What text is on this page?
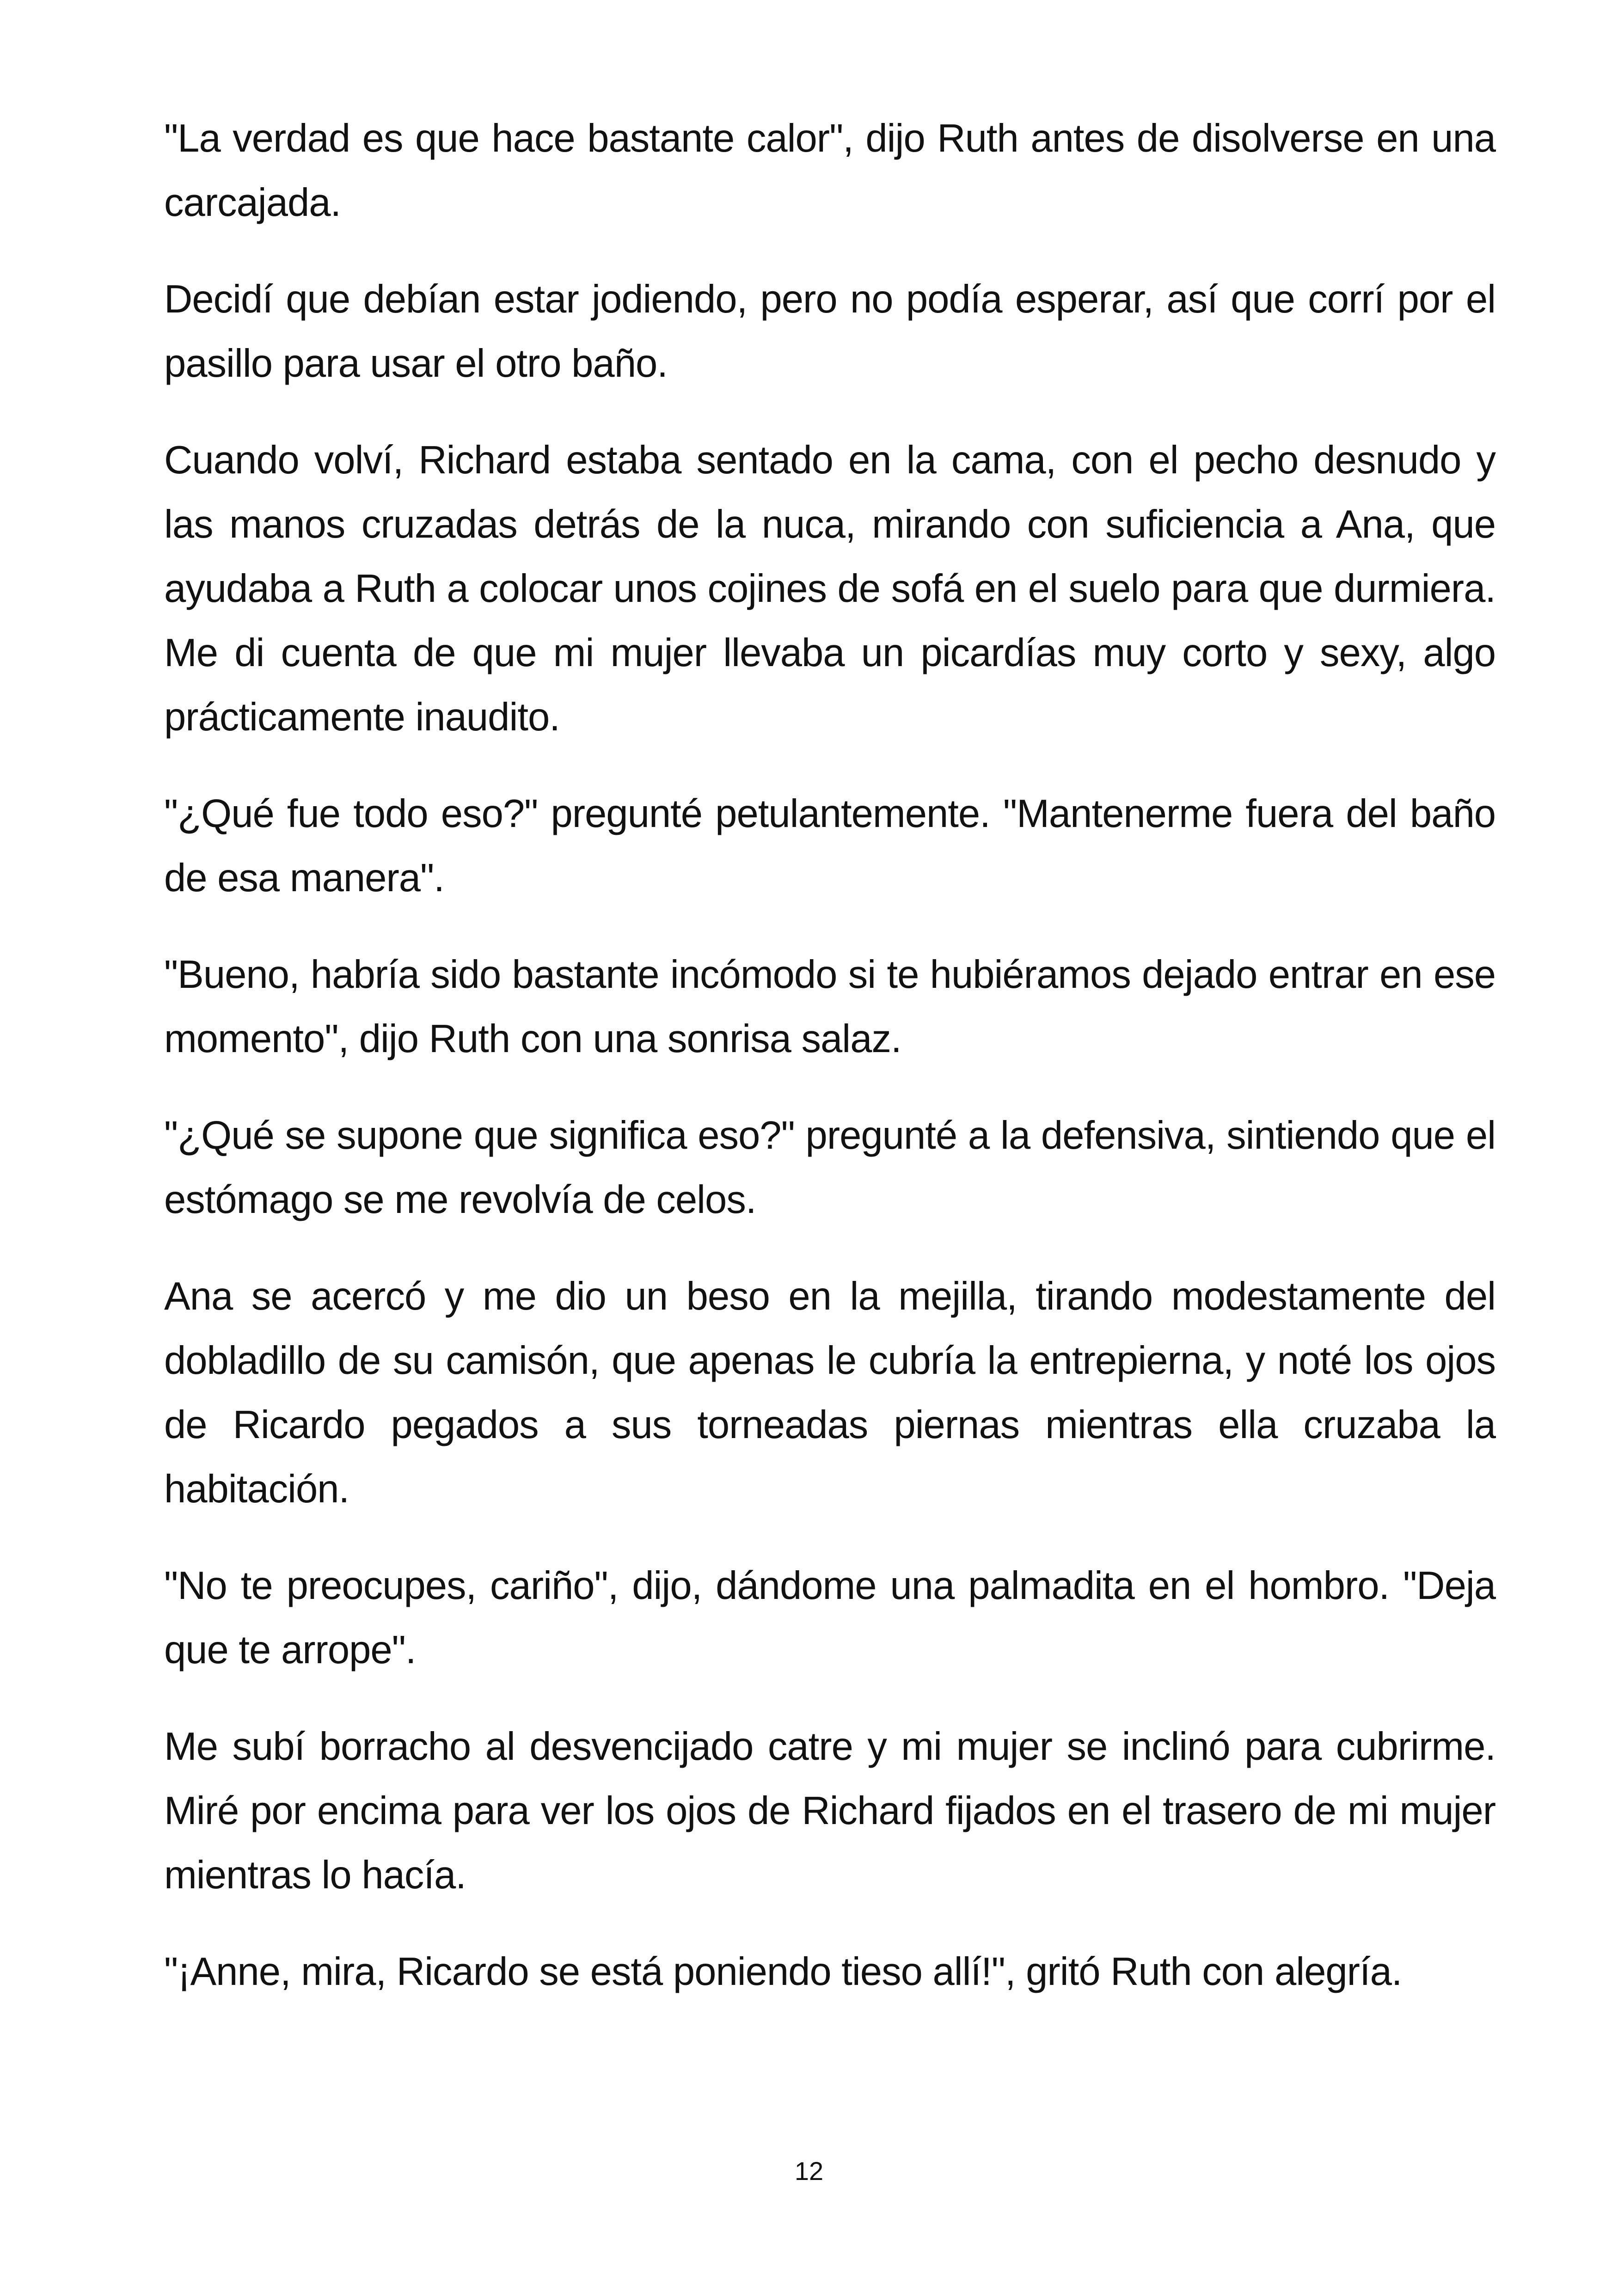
"La verdad es que hace bastante calor", dijo Ruth antes de disolverse en una carcajada.

Decidí que debían estar jodiendo, pero no podía esperar, así que corrí por el pasillo para usar el otro baño.

Cuando volví, Richard estaba sentado en la cama, con el pecho desnudo y las manos cruzadas detrás de la nuca, mirando con suficiencia a Ana, que ayudaba a Ruth a colocar unos cojines de sofá en el suelo para que durmiera. Me di cuenta de que mi mujer llevaba un picardías muy corto y sexy, algo prácticamente inaudito.

"¿Qué fue todo eso?" pregunté petulantemente. "Mantenerme fuera del baño de esa manera".

"Bueno, habría sido bastante incómodo si te hubiéramos dejado entrar en ese momento", dijo Ruth con una sonrisa salaz.

"¿Qué se supone que significa eso?" pregunté a la defensiva, sintiendo que el estómago se me revolvía de celos.

Ana se acercó y me dio un beso en la mejilla, tirando modestamente del dobladillo de su camisón, que apenas le cubría la entrepierna, y noté los ojos de Ricardo pegados a sus torneadas piernas mientras ella cruzaba la habitación.

"No te preocupes, cariño", dijo, dándome una palmadita en el hombro. "Deja que te arrope".

Me subí borracho al desvencijado catre y mi mujer se inclinó para cubrirme. Miré por encima para ver los ojos de Richard fijados en el trasero de mi mujer mientras lo hacía.

"¡Anne, mira, Ricardo se está poniendo tieso allí!", gritó Ruth con alegría.

12
